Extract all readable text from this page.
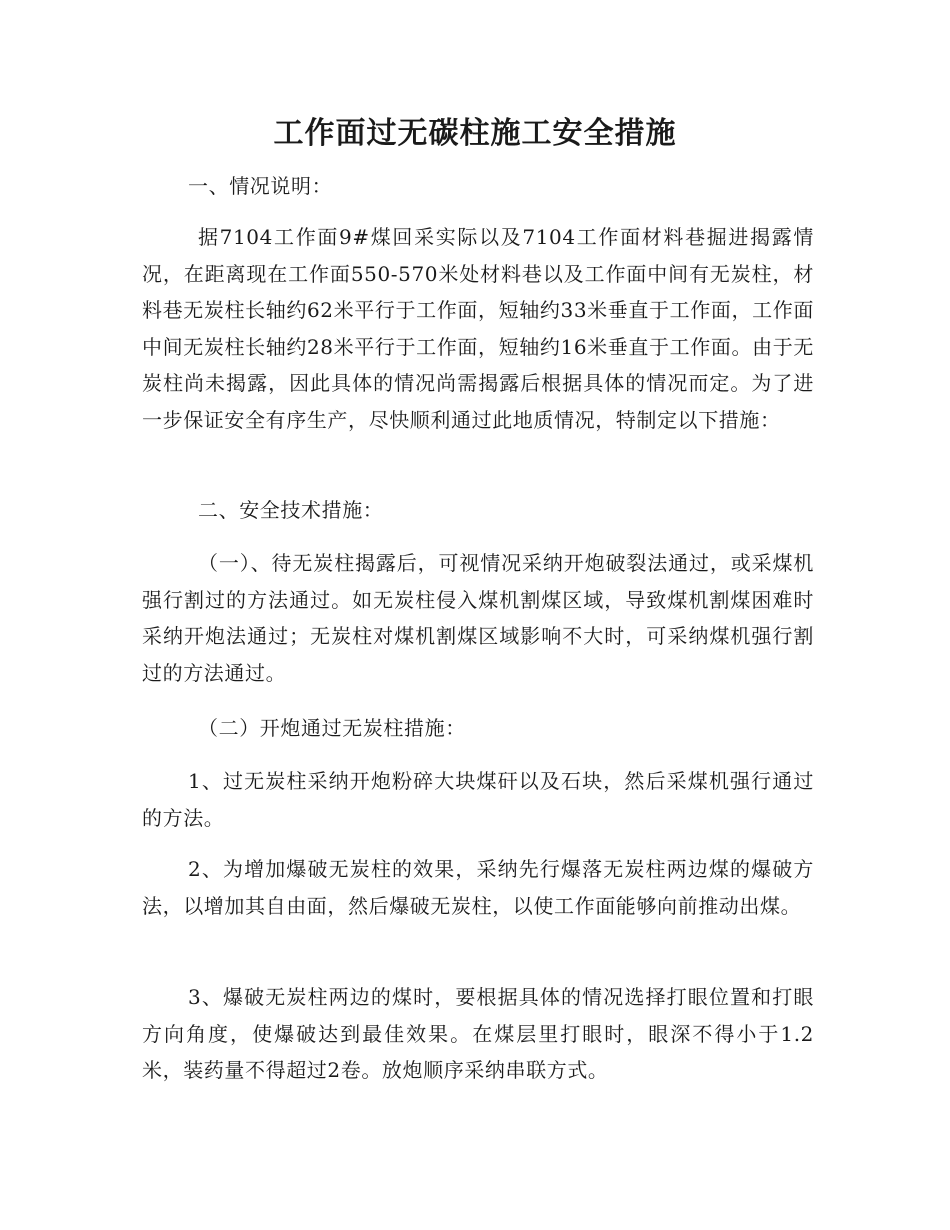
工作面过无碳柱施工安全措施

一、情况说明：

据7104工作面9#煤回采实际以及7104工作面材料巷掘进揭露情况，在距离现在工作面550-570米处材料巷以及工作面中间有无炭柱，材料巷无炭柱长轴约62米平行于工作面，短轴约33米垂直于工作面，工作面中间无炭柱长轴约28米平行于工作面，短轴约16米垂直于工作面。由于无炭柱尚未揭露，因此具体的情况尚需揭露后根据具体的情况而定。为了进一步保证安全有序生产，尽快顺利通过此地质情况，特制定以下措施：

二、安全技术措施：

（一）、待无炭柱揭露后，可视情况采纳开炮破裂法通过，或采煤机强行割过的方法通过。如无炭柱侵入煤机割煤区域，导致煤机割煤困难时采纳开炮法通过；无炭柱对煤机割煤区域影响不大时，可采纳煤机强行割过的方法通过。

（二）开炮通过无炭柱措施：

1、过无炭柱采纳开炮粉碎大块煤矸以及石块，然后采煤机强行通过的方法。

2、为增加爆破无炭柱的效果，采纳先行爆落无炭柱两边煤的爆破方法，以增加其自由面，然后爆破无炭柱，以使工作面能够向前推动出煤。

3、爆破无炭柱两边的煤时，要根据具体的情况选择打眼位置和打眼方向角度，使爆破达到最佳效果。在煤层里打眼时，眼深不得小于1.2米，装药量不得超过2卷。放炮顺序采纳串联方式。
